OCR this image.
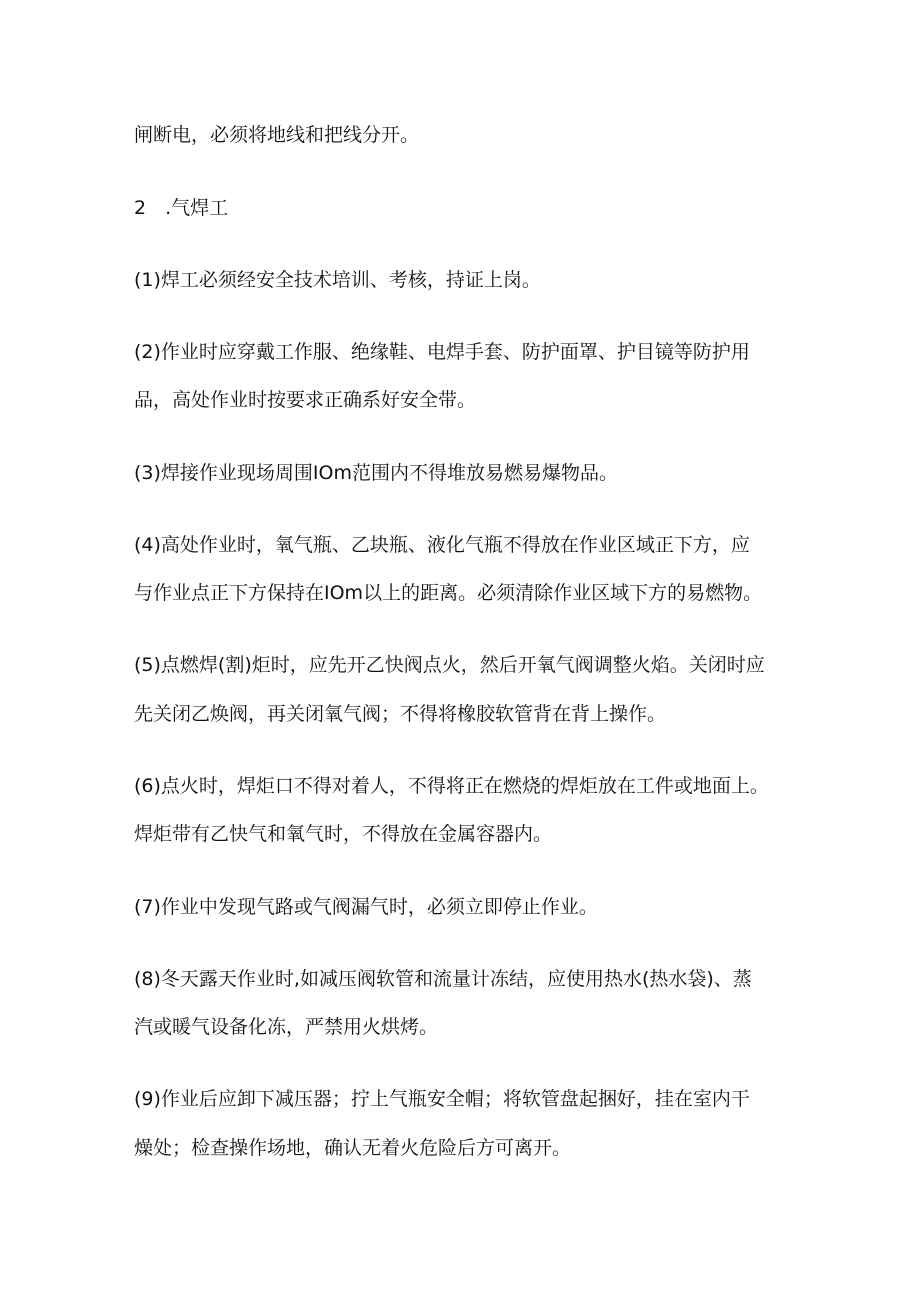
闸断电，必须将地线和把线分开。
2　.气焊工
(1)焊工必须经安全技术培训、考核，持证上岗。
(2)作业时应穿戴工作服、绝缘鞋、电焊手套、防护面罩、护目镜等防护用
品，高处作业时按要求正确系好安全带。
(3)焊接作业现场周围IOm范围内不得堆放易燃易爆物品。
(4)高处作业时，氧气瓶、乙块瓶、液化气瓶不得放在作业区域正下方，应
与作业点正下方保持在IOm以上的距离。必须清除作业区域下方的易燃物。
(5)点燃焊(割)炬时，应先开乙快阀点火，然后开氧气阀调整火焰。关闭时应
先关闭乙焕阀，再关闭氧气阀；不得将橡胶软管背在背上操作。
(6)点火时，焊炬口不得对着人，不得将正在燃烧的焊炬放在工件或地面上。
焊炬带有乙快气和氧气时，不得放在金属容器内。
(7)作业中发现气路或气阀漏气时，必须立即停止作业。
(8)冬天露天作业时,如减压阀软管和流量计冻结，应使用热水(热水袋)、蒸
汽或暖气设备化冻，严禁用火烘烤。
(9)作业后应卸下减压器；拧上气瓶安全帽；将软管盘起捆好，挂在室内干
燥处；检查操作场地，确认无着火危险后方可离开。
